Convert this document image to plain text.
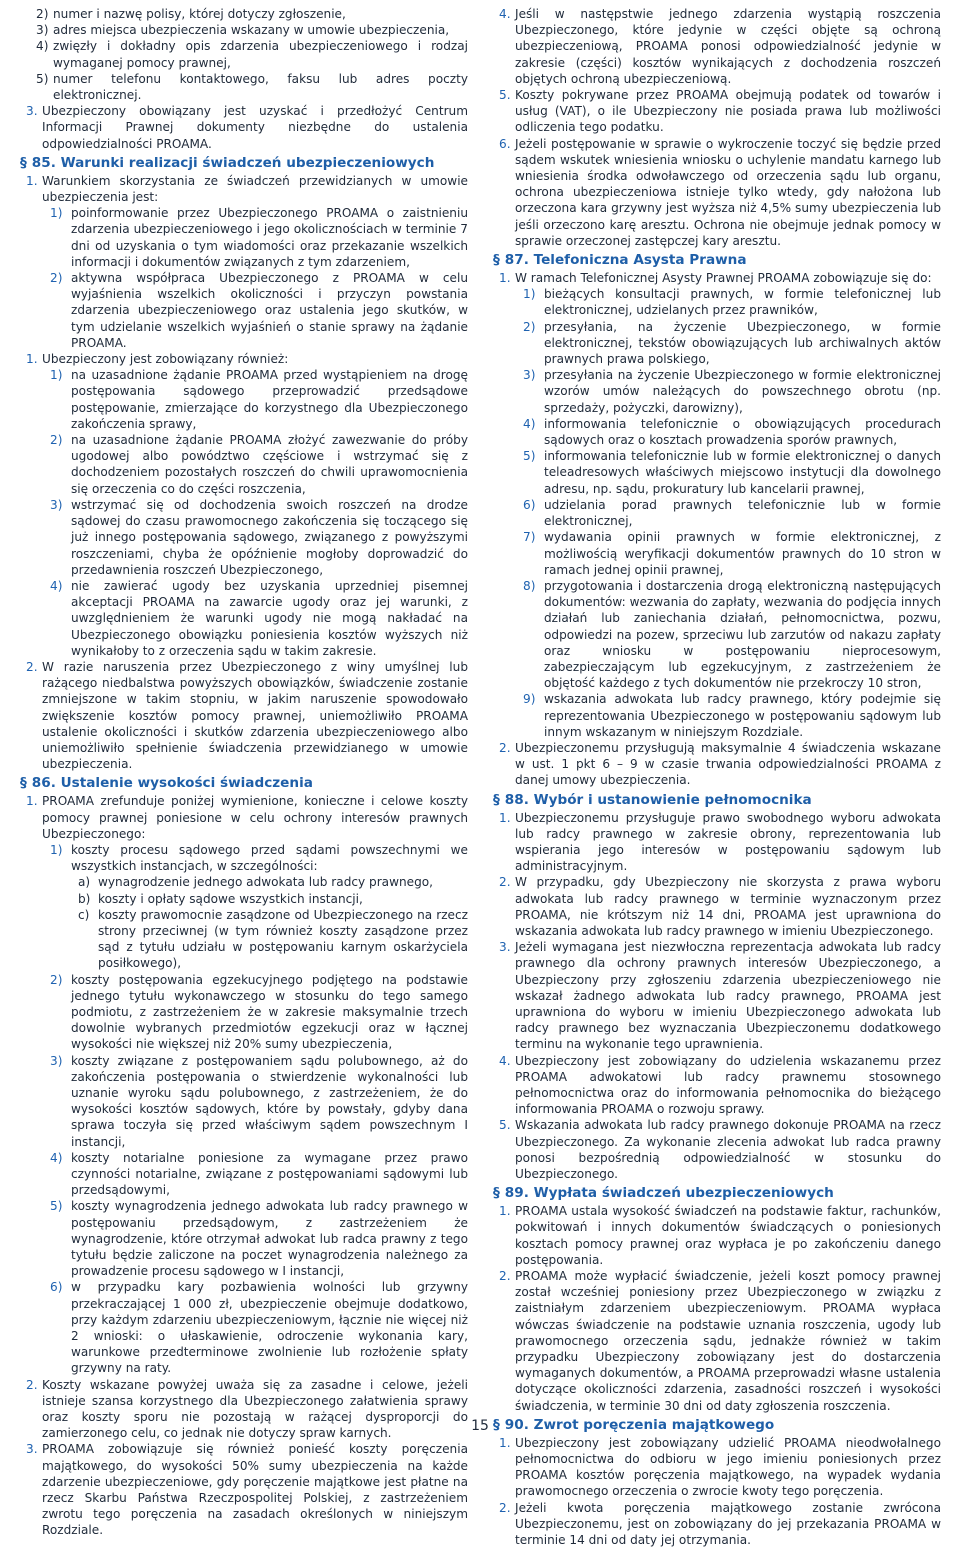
2) numer i nazwę polisy, której dotyczy zgłoszenie,
3) adres miejsca ubezpieczenia wskazany w umowie ubezpieczenia,
4) zwięzły i dokładny opis zdarzenia ubezpieczeniowego i rodzaj wymaganej pomocy prawnej,
5) numer telefonu kontaktowego, faksu lub adres poczty elektronicznej.
3. Ubezpieczony obowiązany jest uzyskać i przedłożyć Centrum Informacji Prawnej dokumenty niezbędne do ustalenia odpowiedzialności PROAMA.
§ 85. Warunki realizacji świadczeń ubezpieczeniowych
1. Warunkiem skorzystania ze świadczeń przewidzianych w umowie ubezpieczenia jest:
1) poinformowanie przez Ubezpieczonego PROAMA o zaistnieniu zdarzenia ubezpieczeniowego i jego okolicznościach w terminie 7 dni od uzyskania o tym wiadomości oraz przekazanie wszelkich informacji i dokumentów związanych z tym zdarzeniem,
2) aktywna współpraca Ubezpieczonego z PROAMA w celu wyjaśnienia wszelkich okoliczności i przyczyn powstania zdarzenia ubezpieczeniowego oraz ustalenia jego skutków, w tym udzielanie wszelkich wyjaśnień o stanie sprawy na żądanie PROAMA.
1. Ubezpieczony jest zobowiązany również:
1) na uzasadnione żądanie PROAMA przed wystąpieniem na drogę postępowania sądowego przeprowadzić przedsądowe postępowanie, zmierzające do korzystnego dla Ubezpieczonego zakończenia sprawy,
2) na uzasadnione żądanie PROAMA złożyć zawezwanie do próby ugodowej albo powództwo częściowe i wstrzymać się z dochodzeniem pozostałych roszczeń do chwili uprawomocnienia się orzeczenia co do części roszczenia,
3) wstrzymać się od dochodzenia swoich roszczeń na drodze sądowej do czasu prawomocnego zakończenia się toczącego się już innego postępowania sądowego, związanego z powyższymi roszczeniami, chyba że opóźnienie mogłoby doprowadzić do przedawnienia roszczeń Ubezpieczonego,
4) nie zawierać ugody bez uzyskania uprzedniej pisemnej akceptacji PROAMA na zawarcie ugody oraz jej warunki, z uwzględnieniem że warunki ugody nie mogą nakładać na Ubezpieczonego obowiązku poniesienia kosztów wyższych niż wynikałoby to z orzeczenia sądu w takim zakresie.
2. W razie naruszenia przez Ubezpieczonego z winy umyślnej lub rażącego niedbalstwa powyższych obowiązków, świadczenie zostanie zmniejszone w takim stopniu, w jakim naruszenie spowodowało zwiększenie kosztów pomocy prawnej, uniemożliwiło PROAMA ustalenie okoliczności i skutków zdarzenia ubezpieczeniowego albo uniemożliwiło spełnienie świadczenia przewidzianego w umowie ubezpieczenia.
§ 86. Ustalenie wysokości świadczenia
1. PROAMA zrefunduje poniżej wymienione, konieczne i celowe koszty pomocy prawnej poniesione w celu ochrony interesów prawnych Ubezpieczonego:
1) koszty procesu sądowego przed sądami powszechnymi we wszystkich instancjach, w szczególności:
a) wynagrodzenie jednego adwokata lub radcy prawnego,
b) koszty i opłaty sądowe wszystkich instancji,
c) koszty prawomocnie zasądzone od Ubezpieczonego na rzecz strony przeciwnej (w tym również koszty zasądzone przez sąd z tytułu udziału w postępowaniu karnym oskarżyciela posiłkowego),
2) koszty postępowania egzekucyjnego podjętego na podstawie jednego tytułu wykonawczego w stosunku do tego samego podmiotu, z zastrzeżeniem że w zakresie maksymalnie trzech dowolnie wybranych przedmiotów egzekucji oraz w łącznej wysokości nie większej niż 20% sumy ubezpieczenia,
3) koszty związane z postępowaniem sądu polubownego, aż do zakończenia postępowania o stwierdzenie wykonalności lub uznanie wyroku sądu polubownego, z zastrzeżeniem, że do wysokości kosztów sądowych, które by powstały, gdyby dana sprawa toczyła się przed właściwym sądem powszechnym I instancji,
4) koszty notarialne poniesione za wymagane przez prawo czynności notarialne, związane z postępowaniami sądowymi lub przedsądowymi,
5) koszty wynagrodzenia jednego adwokata lub radcy prawnego w postępowaniu przedsądowym, z zastrzeżeniem że wynagrodzenie, które otrzymał adwokat lub radca prawny z tego tytułu będzie zaliczone na poczet wynagrodzenia należnego za prowadzenie procesu sądowego w I instancji,
6) w przypadku kary pozbawienia wolności lub grzywny przekraczającej 1 000 zł, ubezpieczenie obejmuje dodatkowo, przy każdym zdarzeniu ubezpieczeniowym, łącznie nie więcej niż 2 wnioski: o ułaskawienie, odroczenie wykonania kary, warunkowe przedterminowe zwolnienie lub rozłożenie spłaty grzywny na raty.
2. Koszty wskazane powyżej uważa się za zasadne i celowe, jeżeli istnieje szansa korzystnego dla Ubezpieczonego załatwienia sprawy oraz koszty sporu nie pozostają w rażącej dysproporcji do zamierzonego celu, co jednak nie dotyczy spraw karnych.
3. PROAMA zobowiązuje się również ponieść koszty poręczenia majątkowego, do wysokości 50% sumy ubezpieczenia na każde zdarzenie ubezpieczeniowe, gdy poręczenie majątkowe jest płatne na rzecz Skarbu Państwa Rzeczpospolitej Polskiej, z zastrzeżeniem zwrotu tego poręczenia na zasadach określonych w niniejszym Rozdziale.
4. Jeśli w następstwie jednego zdarzenia wystąpią roszczenia Ubezpieczonego, które jedynie w części objęte są ochroną ubezpieczeniową, PROAMA ponosi odpowiedzialność jedynie w zakresie (części) kosztów wynikających z dochodzenia roszczeń objętych ochroną ubezpieczeniową.
5. Koszty pokrywane przez PROAMA obejmują podatek od towarów i usług (VAT), o ile Ubezpieczony nie posiada prawa lub możliwości odliczenia tego podatku.
6. Jeżeli postępowanie w sprawie o wykroczenie toczyć się będzie przed sądem wskutek wniesienia wniosku o uchylenie mandatu karnego lub wniesienia środka odwoławczego od orzeczenia sądu lub organu, ochrona ubezpieczeniowa istnieje tylko wtedy, gdy nałożona lub orzeczona kara grzywny jest wyższa niż 4,5% sumy ubezpieczenia lub jeśli orzeczono karę aresztu. Ochrona nie obejmuje jednak pomocy w sprawie orzeczonej zastępczej kary aresztu.
§ 87. Telefoniczna Asysta Prawna
1. W ramach Telefonicznej Asysty Prawnej PROAMA zobowiązuje się do:
1) bieżących konsultacji prawnych, w formie telefonicznej lub elektronicznej, udzielanych przez prawników,
2) przesyłania, na życzenie Ubezpieczonego, w formie elektronicznej, tekstów obowiązujących lub archiwalnych aktów prawnych prawa polskiego,
3) przesyłania na życzenie Ubezpieczonego w formie elektronicznej wzorów umów należących do powszechnego obrotu (np. sprzedaży, pożyczki, darowizny),
4) informowania telefonicznie o obowiązujących procedurach sądowych oraz o kosztach prowadzenia sporów prawnych,
5) informowania telefonicznie lub w formie elektronicznej o danych teleadresowych właściwych miejscowo instytucji dla dowolnego adresu, np. sądu, prokuratury lub kancelarii prawnej,
6) udzielania porad prawnych telefonicznie lub w formie elektronicznej,
7) wydawania opinii prawnych w formie elektronicznej, z możliwością weryfikacji dokumentów prawnych do 10 stron w ramach jednej opinii prawnej,
8) przygotowania i dostarczenia drogą elektroniczną następujących dokumentów: wezwania do zapłaty, wezwania do podjęcia innych działań lub zaniechania działań, pełnomocnictwa, pozwu, odpowiedzi na pozew, sprzeciwu lub zarzutów od nakazu zapłaty oraz wniosku w postępowaniu nieprocesowym, zabezpieczającym lub egzekucyjnym, z zastrzeżeniem że objętość każdego z tych dokumentów nie przekroczy 10 stron,
9) wskazania adwokata lub radcy prawnego, który podejmie się reprezentowania Ubezpieczonego w postępowaniu sądowym lub innym wskazanym w niniejszym Rozdziale.
2. Ubezpieczonemu przysługują maksymalnie 4 świadczenia wskazane w ust. 1 pkt 6 – 9 w czasie trwania odpowiedzialności PROAMA z danej umowy ubezpieczenia.
§ 88. Wybór i ustanowienie pełnomocnika
1. Ubezpieczonemu przysługuje prawo swobodnego wyboru adwokata lub radcy prawnego w zakresie obrony, reprezentowania lub wspierania jego interesów w postępowaniu sądowym lub administracyjnym.
2. W przypadku, gdy Ubezpieczony nie skorzysta z prawa wyboru adwokata lub radcy prawnego w terminie wyznaczonym przez PROAMA, nie krótszym niż 14 dni, PROAMA jest uprawniona do wskazania adwokata lub radcy prawnego w imieniu Ubezpieczonego.
3. Jeżeli wymagana jest niezwłoczna reprezentacja adwokata lub radcy prawnego dla ochrony prawnych interesów Ubezpieczonego, a Ubezpieczony przy zgłoszeniu zdarzenia ubezpieczeniowego nie wskazał żadnego adwokata lub radcy prawnego, PROAMA jest uprawniona do wyboru w imieniu Ubezpieczonego adwokata lub radcy prawnego bez wyznaczania Ubezpieczonemu dodatkowego terminu na wykonanie tego uprawnienia.
4. Ubezpieczony jest zobowiązany do udzielenia wskazanemu przez PROAMA adwokatowi lub radcy prawnemu stosownego pełnomocnictwa oraz do informowania pełnomocnika do bieżącego informowania PROAMA o rozwoju sprawy.
5. Wskazania adwokata lub radcy prawnego dokonuje PROAMA na rzecz Ubezpieczonego. Za wykonanie zlecenia adwokat lub radca prawny ponosi bezpośrednią odpowiedzialność w stosunku do Ubezpieczonego.
§ 89. Wypłata świadczeń ubezpieczeniowych
1. PROAMA ustala wysokość świadczeń na podstawie faktur, rachunków, pokwitowań i innych dokumentów świadczących o poniesionych kosztach pomocy prawnej oraz wypłaca je po zakończeniu danego postępowania.
2. PROAMA może wypłacić świadczenie, jeżeli koszt pomocy prawnej został wcześniej poniesiony przez Ubezpieczonego w związku z zaistniałym zdarzeniem ubezpieczeniowym. PROAMA wypłaca wówczas świadczenie na podstawie uznania roszczenia, ugody lub prawomocnego orzeczenia sądu, jednakże również w takim przypadku Ubezpieczony zobowiązany jest do dostarczenia wymaganych dokumentów, a PROAMA przeprowadzi własne ustalenia dotyczące okoliczności zdarzenia, zasadności roszczeń i wysokości świadczenia, w terminie 30 dni od daty zgłoszenia roszczenia.
§ 90. Zwrot poręczenia majątkowego
1. Ubezpieczony jest zobowiązany udzielić PROAMA nieodwołalnego pełnomocnictwa do odbioru w jego imieniu poniesionych przez PROAMA kosztów poręczenia majątkowego, na wypadek wydania prawomocnego orzeczenia o zwrocie kwoty tego poręczenia.
2. Jeżeli kwota poręczenia majątkowego zostanie zwrócona Ubezpieczonemu, jest on zobowiązany do jej przekazania PROAMA w terminie 14 dni od daty jej otrzymania.
15
